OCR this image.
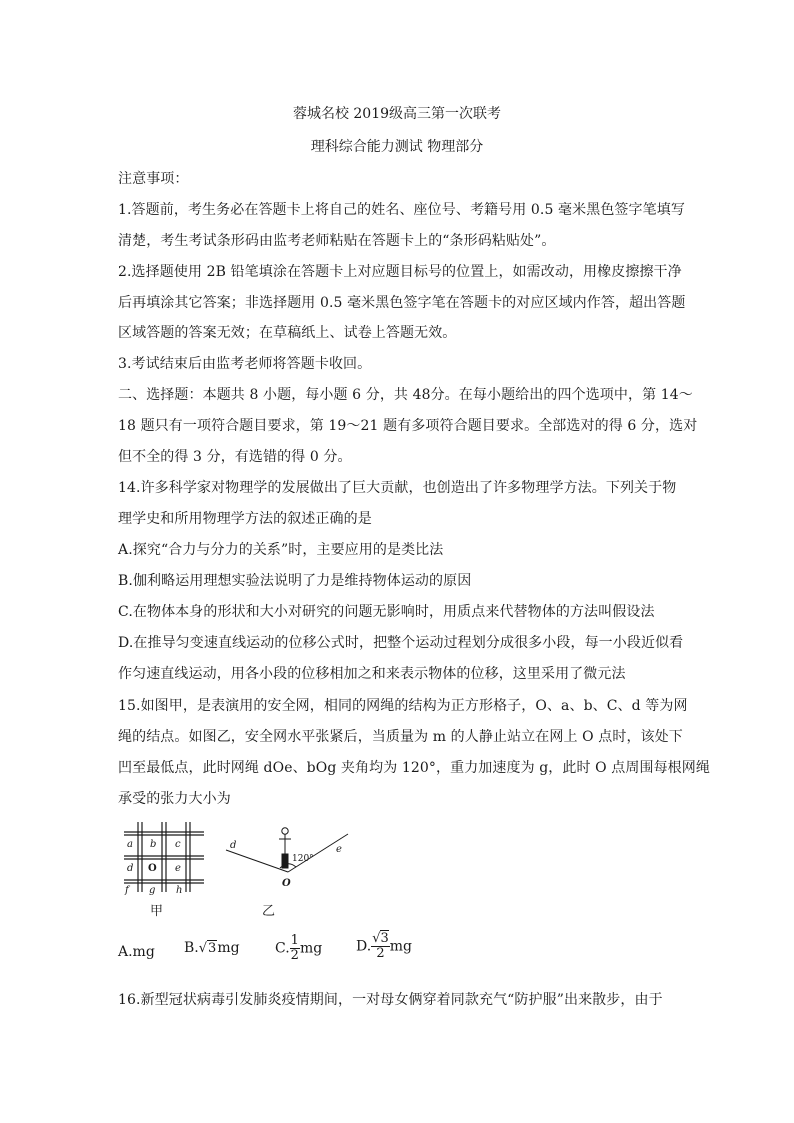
蓉城名校 2019级高三第一次联考
理科综合能力测试 物理部分
注意事项：
1.答题前，考生务必在答题卡上将自己的姓名、座位号、考籍号用 0.5 毫米黑色签字笔填写
清楚，考生考试条形码由监考老师粘贴在答题卡上的“条形码粘贴处”。
2.选择题使用 2B 铅笔填涂在答题卡上对应题目标号的位置上，如需改动，用橡皮擦擦干净
后再填涂其它答案；非选择题用 0.5 毫米黑色签字笔在答题卡的对应区域内作答，超出答题
区域答题的答案无效；在草稿纸上、试卷上答题无效。
3.考试结束后由监考老师将答题卡收回。
二、选择题：本题共 8 小题，每小题 6 分，共 48分。在每小题给出的四个选项中，第 14～
18 题只有一项符合题目要求，第 19～21 题有多项符合题目要求。全部选对的得 6 分，选对
但不全的得 3 分，有选错的得 0 分。
14.许多科学家对物理学的发展做出了巨大贡献，也创造出了许多物理学方法。下列关于物
理学史和所用物理学方法的叙述正确的是
A.探究“合力与分力的关系”时，主要应用的是类比法
B.伽利略运用理想实验法说明了力是维持物体运动的原因
C.在物体本身的形状和大小对研究的问题无影响时，用质点来代替物体的方法叫假设法
D.在推导匀变速直线运动的位移公式时，把整个运动过程划分成很多小段，每一小段近似看
作匀速直线运动，用各小段的位移相加之和来表示物体的位移，这里采用了微元法
15.如图甲，是表演用的安全网，相同的网绳的结构为正方形格子，O、a、b、C、d 等为网
绳的结点。如图乙，安全网水平张紧后，当质量为 m 的人静止站立在网上 O 点时，该处下
凹至最低点，此时网绳 dOe、bOg 夹角均为 120°，重力加速度为 g，此时 O 点周围每根网绳
承受的张力大小为
a b c
d O e
f g h
甲
d	e
O
120°
乙
A.mg B.√3mg	C. $\frac{1}{2}$ mg D. $\frac{√3}{2}$ mg
16.新型冠状病毒引发肺炎疫情期间，一对母女俩穿着同款充气“防护服”出来散步，由于
